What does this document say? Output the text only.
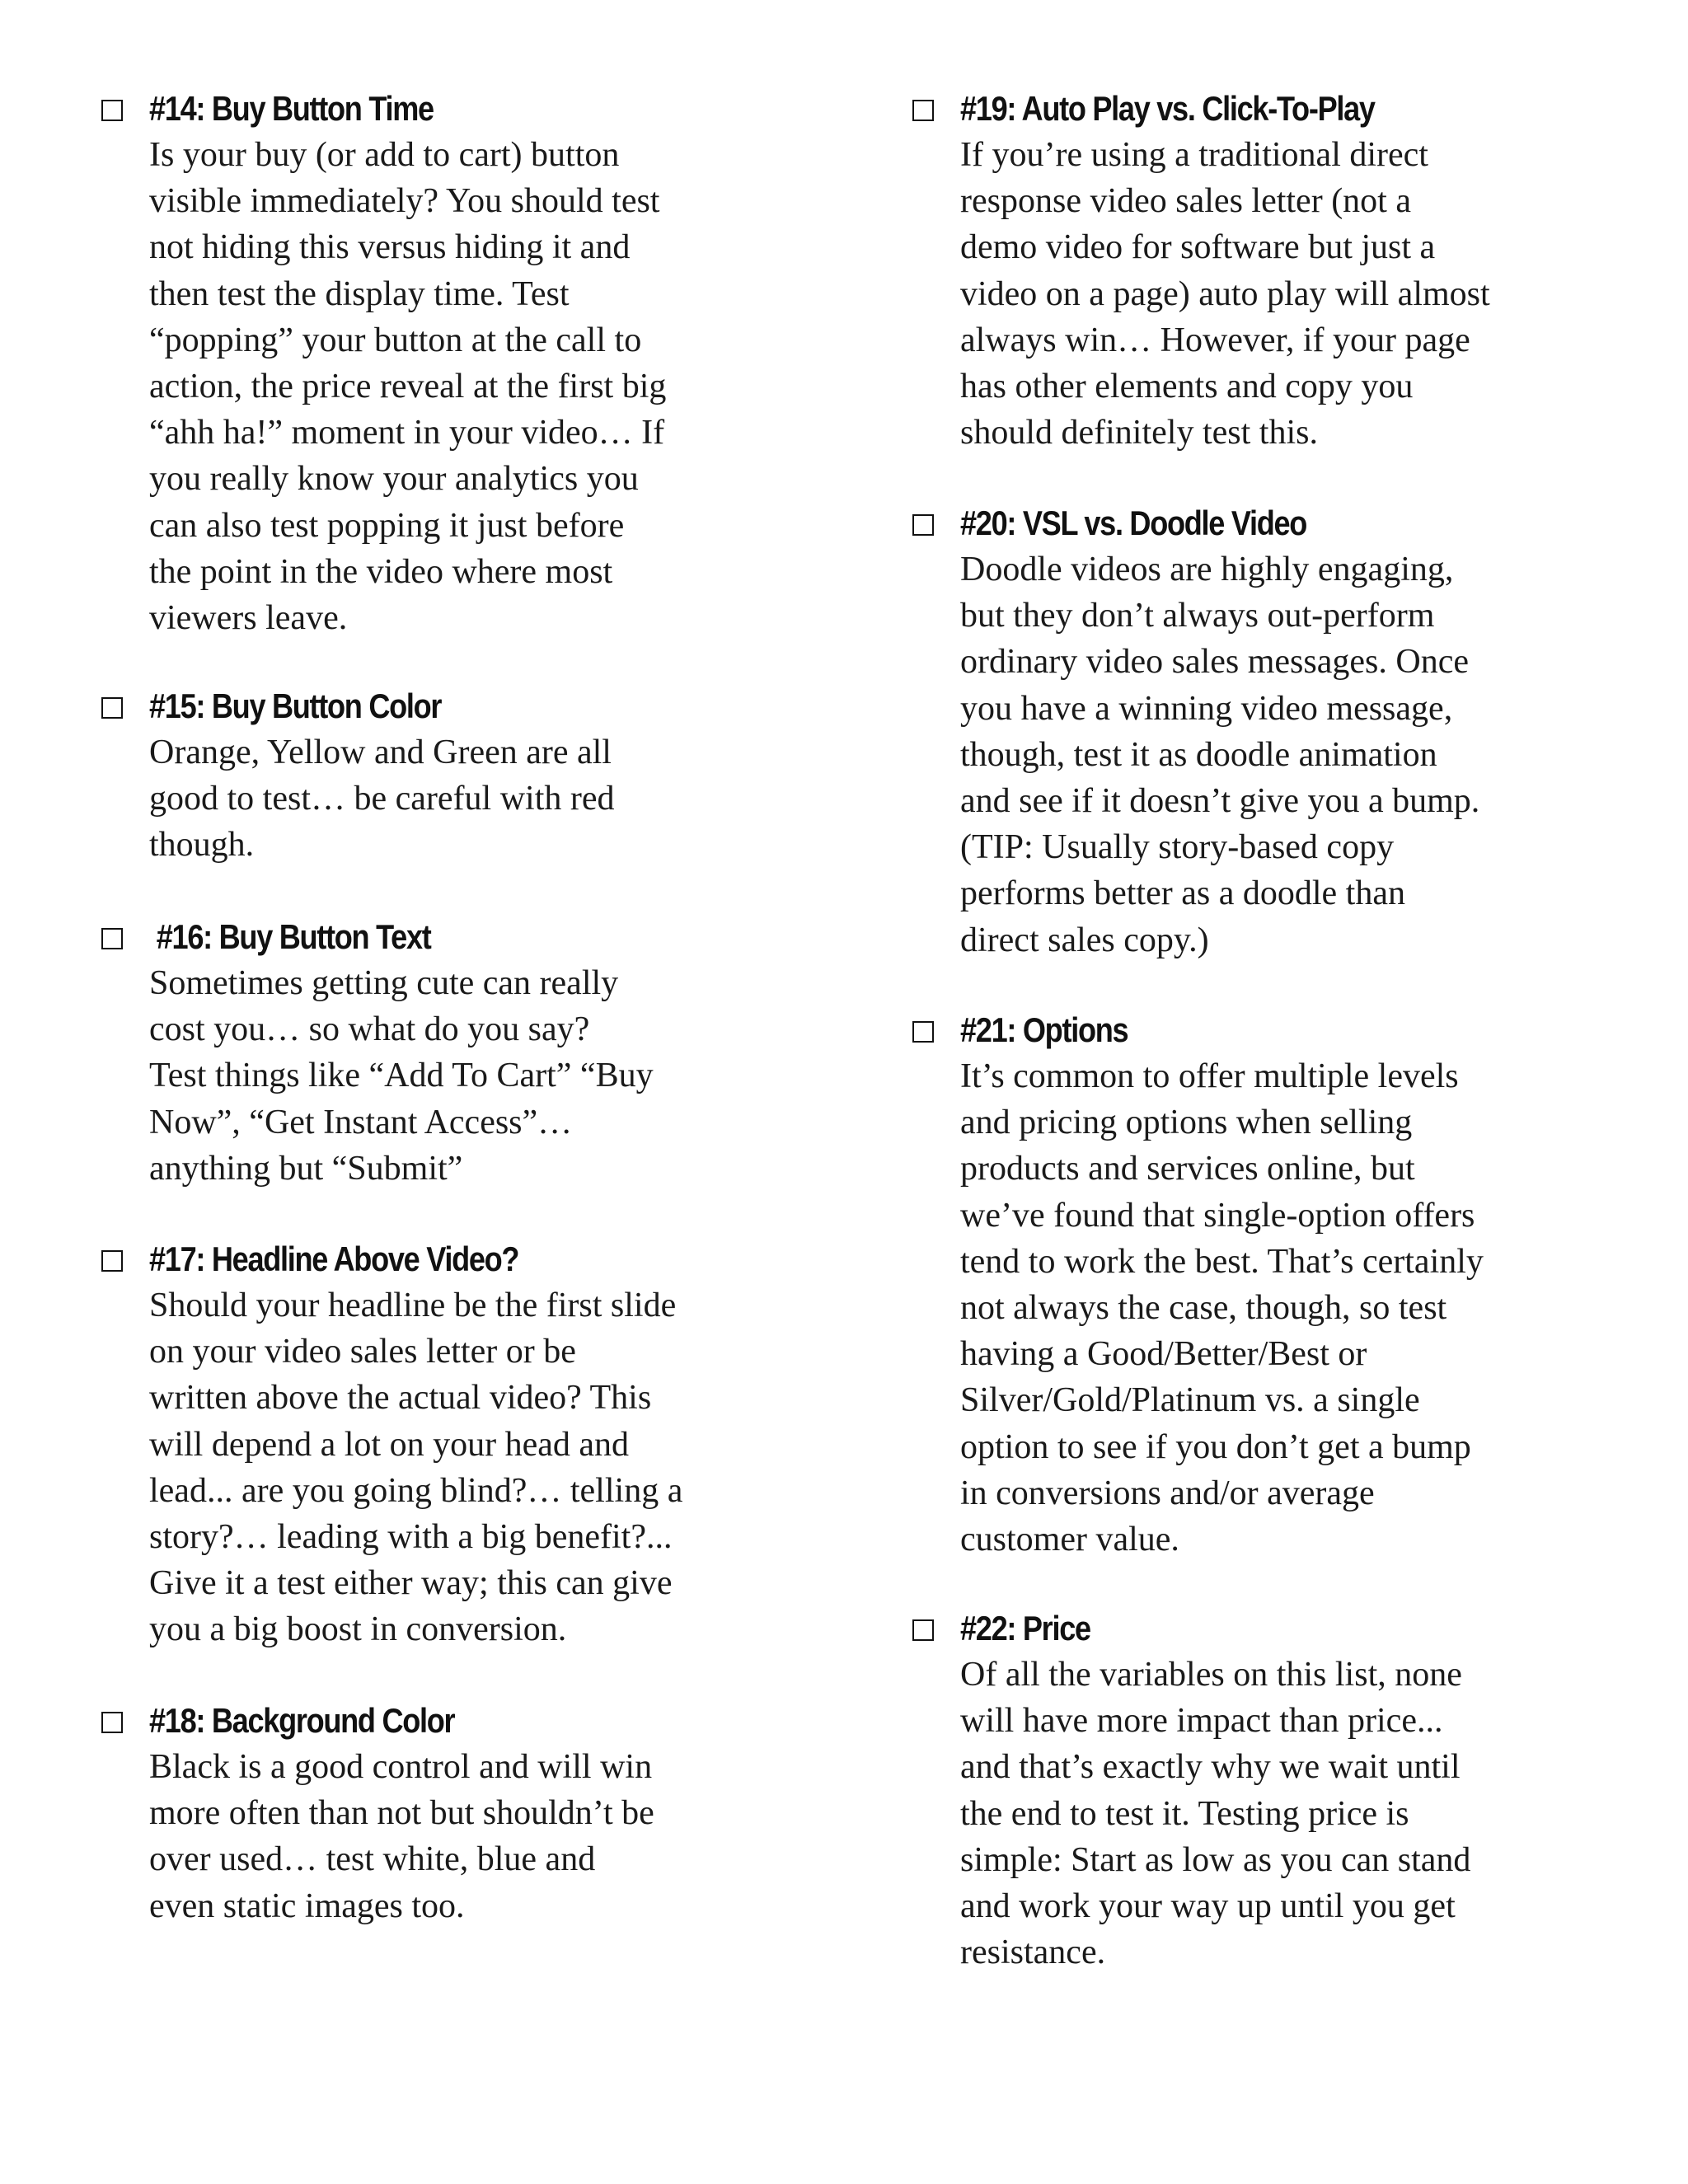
#14: Buy Button Time
Is your buy (or add to cart) button
visible immediately? You should test
not hiding this versus hiding it and
then test the display time. Test
“popping” your button at the call to
action, the price reveal at the first big
“ahh ha!” moment in your video… If
you really know your analytics you
can also test popping it just before
the point in the video where most
viewers leave.
#15: Buy Button Color
Orange, Yellow and Green are all
good to test… be careful with red
though.
#16: Buy Button Text
Sometimes getting cute can really
cost you… so what do you say?
Test things like “Add To Cart” “Buy
Now”, “Get Instant Access”…
anything but “Submit”
#17: Headline Above Video?
Should your headline be the first slide
on your video sales letter or be
written above the actual video? This
will depend a lot on your head and
lead... are you going blind?… telling a
story?… leading with a big benefit?...
Give it a test either way; this can give
you a big boost in conversion.
#18: Background Color
Black is a good control and will win
more often than not but shouldn’t be
over used… test white, blue and
even static images too.
#19: Auto Play vs. Click-To-Play
If you’re using a traditional direct
response video sales letter (not a
demo video for software but just a
video on a page) auto play will almost
always win… However, if your page
has other elements and copy you
should definitely test this.
#20: VSL vs. Doodle Video
Doodle videos are highly engaging,
but they don’t always out-perform
ordinary video sales messages. Once
you have a winning video message,
though, test it as doodle animation
and see if it doesn’t give you a bump.
(TIP: Usually story-based copy
performs better as a doodle than
direct sales copy.)
#21: Options
It’s common to offer multiple levels
and pricing options when selling
products and services online, but
we’ve found that single-option offers
tend to work the best. That’s certainly
not always the case, though, so test
having a Good/Better/Best or
Silver/Gold/Platinum vs. a single
option to see if you don’t get a bump
in conversions and/or average
customer value.
#22: Price
Of all the variables on this list, none
will have more impact than price...
and that’s exactly why we wait until
the end to test it. Testing price is
simple: Start as low as you can stand
and work your way up until you get
resistance.
